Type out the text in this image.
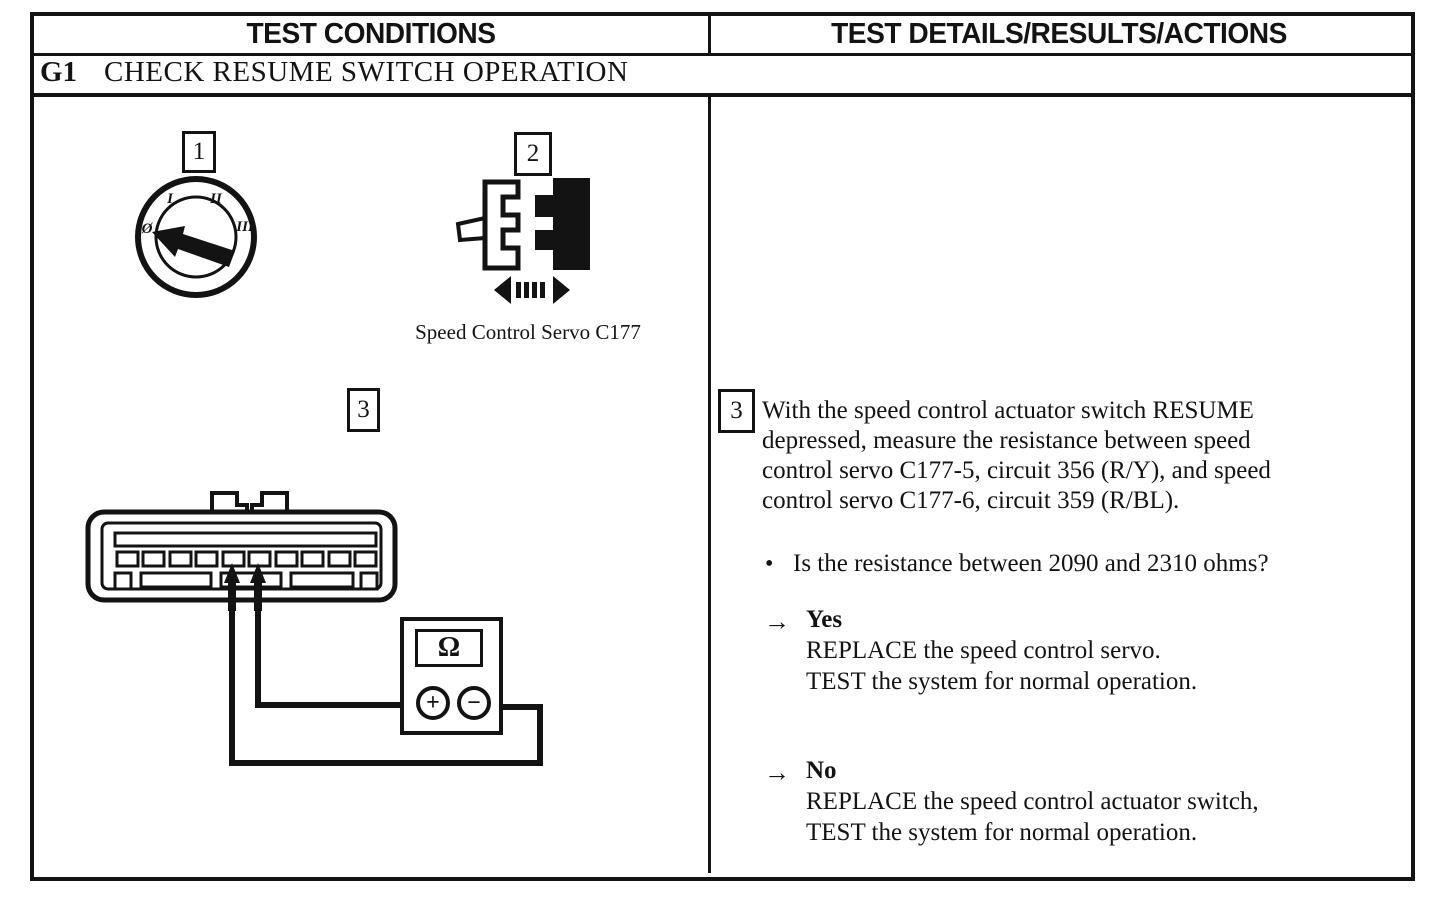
TEST CONDITIONS	TEST DETAILS/RESULTS/ACTIONS
G1 CHECK RESUME SWITCH OPERATION
1
Ø
I II
III
2
Speed Control Servo C177
3
Ω
+	−
3 With the speed control actuator switch RESUME
depressed, measure the resistance between speed
control servo C177-5, circuit 356 (R/Y), and speed
control servo C177-6, circuit 359 (R/BL).
• Is the resistance between 2090 and 2310 ohms?
→ Yes
REPLACE the speed control servo.
TEST the system for normal operation.
→ No
REPLACE the speed control actuator switch,
TEST the system for normal operation.
